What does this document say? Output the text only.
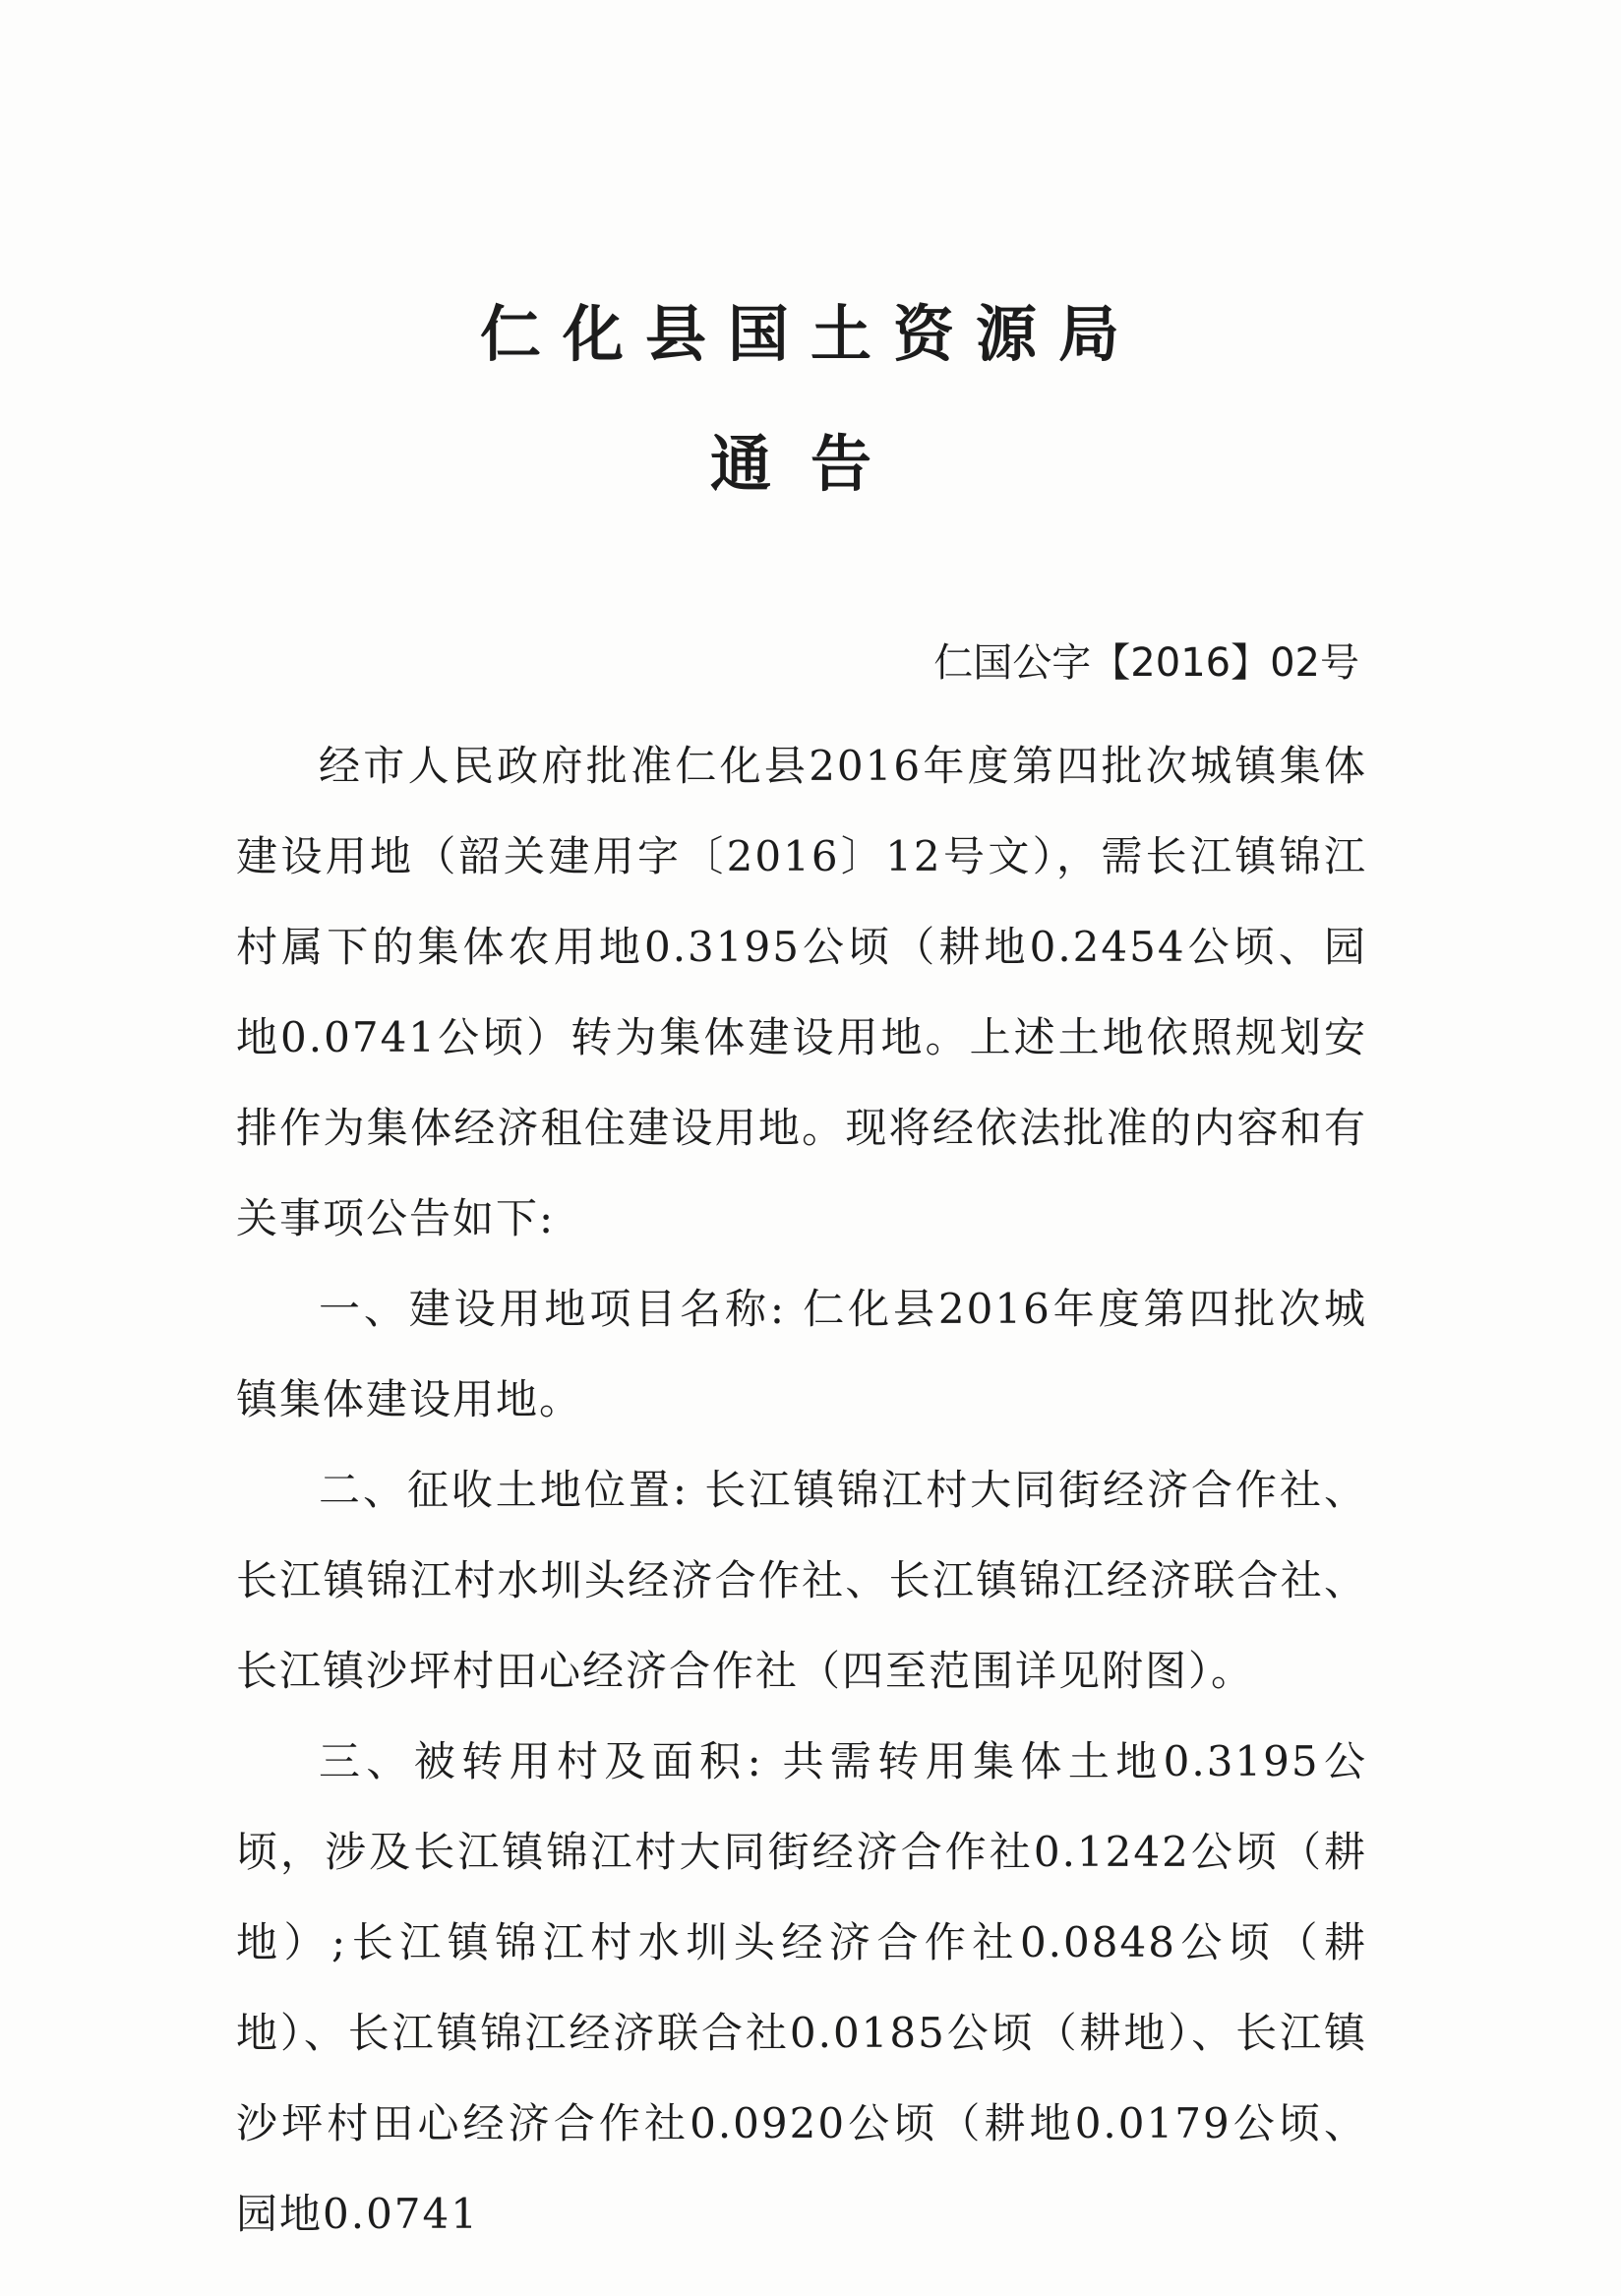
仁化县国土资源局
通告
仁国公字【2016】02号

经市人民政府批准仁化县2016年度第四批次城镇集体建设用地（韶关建用字〔2016〕12号文），需长江镇锦江村属下的集体农用地0.3195公顷（耕地0.2454公顷、园地0.0741公顷）转为集体建设用地。上述土地依照规划安排作为集体经济租住建设用地。现将经依法批准的内容和有关事项公告如下:

一、建设用地项目名称: 仁化县2016年度第四批次城镇集体建设用地。

二、征收土地位置: 长江镇锦江村大同街经济合作社、长江镇锦江村水圳头经济合作社、长江镇锦江经济联合社、长江镇沙坪村田心经济合作社（四至范围详见附图）。

三、被转用村及面积: 共需转用集体土地0.3195公顷，涉及长江镇锦江村大同街经济合作社0.1242公顷（耕地）;长江镇锦江村水圳头经济合作社0.0848公顷（耕地）、长江镇锦江经济联合社0.0185公顷（耕地）、长江镇沙坪村田心经济合作社0.0920公顷（耕地0.0179公顷、园地0.0741
